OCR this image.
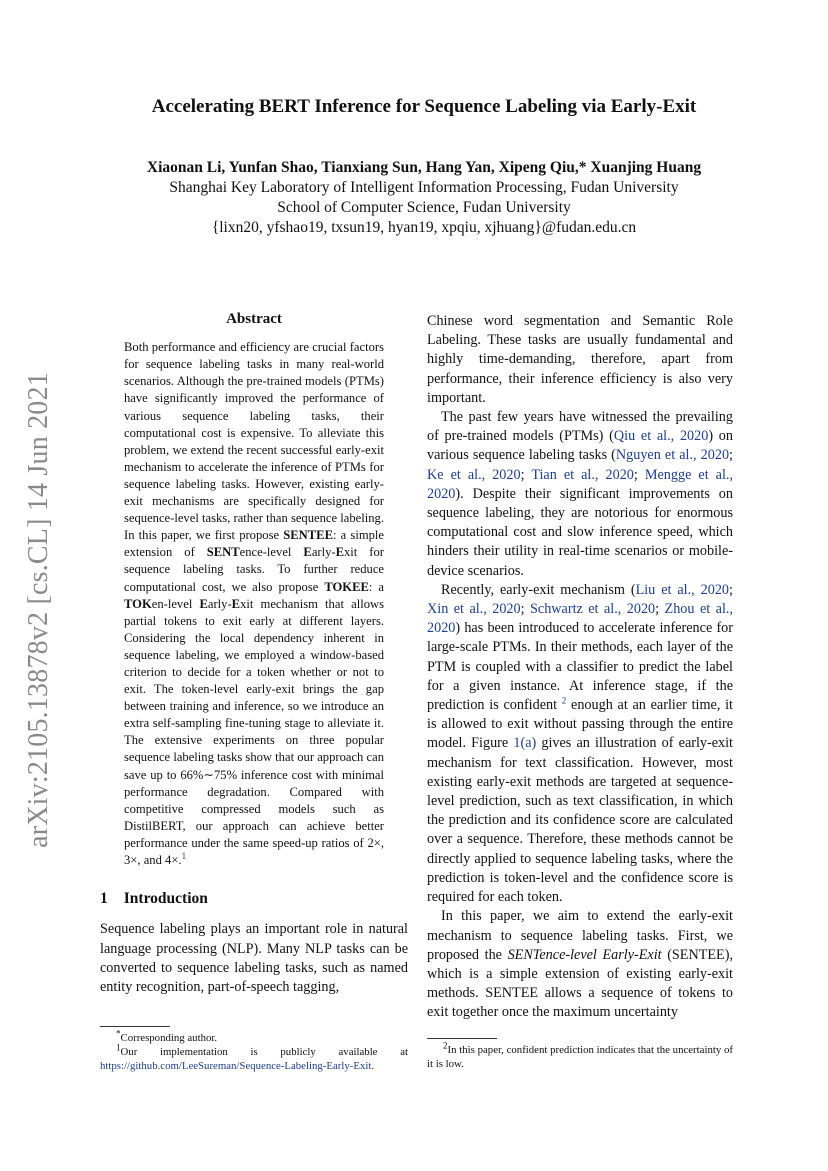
arXiv:2105.13878v2 [cs.CL] 14 Jun 2021
Accelerating BERT Inference for Sequence Labeling via Early-Exit
Xiaonan Li, Yunfan Shao, Tianxiang Sun, Hang Yan, Xipeng Qiu,* Xuanjing Huang
Shanghai Key Laboratory of Intelligent Information Processing, Fudan University
School of Computer Science, Fudan University
{lixn20, yfshao19, txsun19, hyan19, xpqiu, xjhuang}@fudan.edu.cn
Abstract

Both performance and efficiency are crucial factors for sequence labeling tasks in many real-world scenarios. Although the pre-trained models (PTMs) have significantly improved the performance of various sequence labeling tasks, their computational cost is expensive. To alleviate this problem, we extend the recent successful early-exit mechanism to accelerate the inference of PTMs for sequence labeling tasks. However, existing early-exit mechanisms are specifically designed for sequence-level tasks, rather than sequence labeling. In this paper, we first propose SENTEE: a simple extension of SENTence-level Early-Exit for sequence labeling tasks. To further reduce computational cost, we also propose TOKEE: a TOKen-level Early-Exit mechanism that allows partial tokens to exit early at different layers. Considering the local dependency inherent in sequence labeling, we employed a window-based criterion to decide for a token whether or not to exit. The token-level early-exit brings the gap between training and inference, so we introduce an extra self-sampling fine-tuning stage to alleviate it. The extensive experiments on three popular sequence labeling tasks show that our approach can save up to 66%∼75% inference cost with minimal performance degradation. Compared with competitive compressed models such as DistilBERT, our approach can achieve better performance under the same speed-up ratios of 2×, 3×, and 4×.$^1$

1 Introduction

Sequence labeling plays an important role in natural language processing (NLP). Many NLP tasks can be converted to sequence labeling tasks, such as named entity recognition, part-of-speech tagging,

*Corresponding author.
$^1$Our implementation is publicly available at https://github.com/LeeSureman/Sequence-Labeling-Early-Exit.

Chinese word segmentation and Semantic Role Labeling. These tasks are usually fundamental and highly time-demanding, therefore, apart from performance, their inference efficiency is also very important.

The past few years have witnessed the prevailing of pre-trained models (PTMs) (Qiu et al., 2020) on various sequence labeling tasks (Nguyen et al., 2020; Ke et al., 2020; Tian et al., 2020; Mengge et al., 2020). Despite their significant improvements on sequence labeling, they are notorious for enormous computational cost and slow inference speed, which hinders their utility in real-time scenarios or mobile-device scenarios.

Recently, early-exit mechanism (Liu et al., 2020; Xin et al., 2020; Schwartz et al., 2020; Zhou et al., 2020) has been introduced to accelerate inference for large-scale PTMs. In their methods, each layer of the PTM is coupled with a classifier to predict the label for a given instance. At inference stage, if the prediction is confident $^2$ enough at an earlier time, it is allowed to exit without passing through the entire model. Figure 1(a) gives an illustration of early-exit mechanism for text classification. However, most existing early-exit methods are targeted at sequence-level prediction, such as text classification, in which the prediction and its confidence score are calculated over a sequence. Therefore, these methods cannot be directly applied to sequence labeling tasks, where the prediction is token-level and the confidence score is required for each token.

In this paper, we aim to extend the early-exit mechanism to sequence labeling tasks. First, we proposed the SENTence-level Early-Exit (SENTEE), which is a simple extension of existing early-exit methods. SENTEE allows a sequence of tokens to exit together once the maximum uncertainty

$^2$In this paper, confident prediction indicates that the uncertainty of it is low.
